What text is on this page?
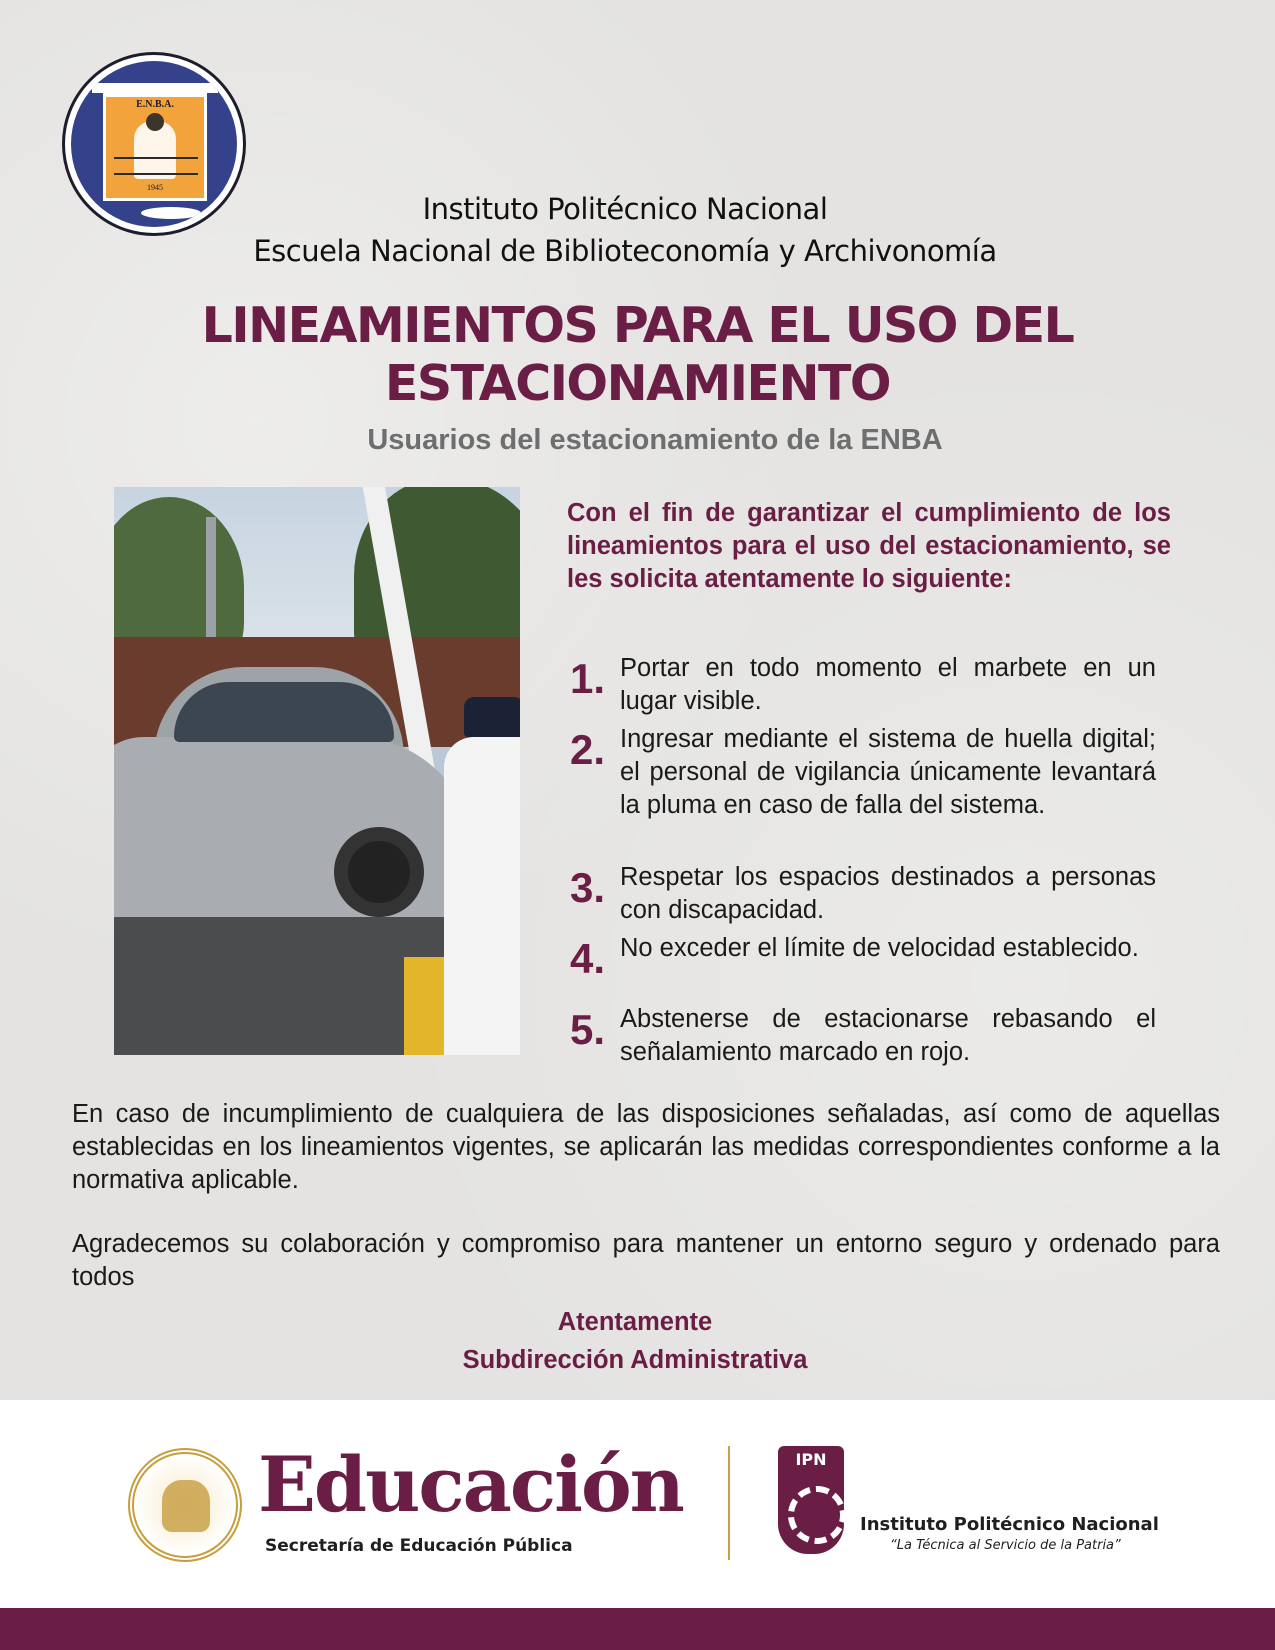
E.N.B.A.
1945
Instituto Politécnico Nacional
Escuela Nacional de Biblioteconomía y Archivonomía
LINEAMIENTOS PARA EL USO DEL
ESTACIONAMIENTO
Usuarios del estacionamiento de la ENBA
Con el fin de garantizar el cumplimiento de los lineamientos para el uso del estacionamiento, se les solicita atentamente lo siguiente:
1. Portar en todo momento el marbete en un lugar visible.
2. Ingresar mediante el sistema de huella digital; el personal de vigilancia únicamente levantará la pluma en caso de falla del sistema.
3. Respetar los espacios destinados a personas con discapacidad.
4. No exceder el límite de velocidad establecido.
5. Abstenerse de estacionarse rebasando el señalamiento marcado en rojo.
En caso de incumplimiento de cualquiera de las disposiciones señaladas, así como de aquellas establecidas en los lineamientos vigentes, se aplicarán las medidas correspondientes conforme a la normativa aplicable.
Agradecemos su colaboración y compromiso para mantener un entorno seguro y ordenado para todos
Atentamente
Subdirección Administrativa
Educación
Secretaría de Educación Pública
IPN
Instituto Politécnico Nacional
“La Técnica al Servicio de la Patria”
